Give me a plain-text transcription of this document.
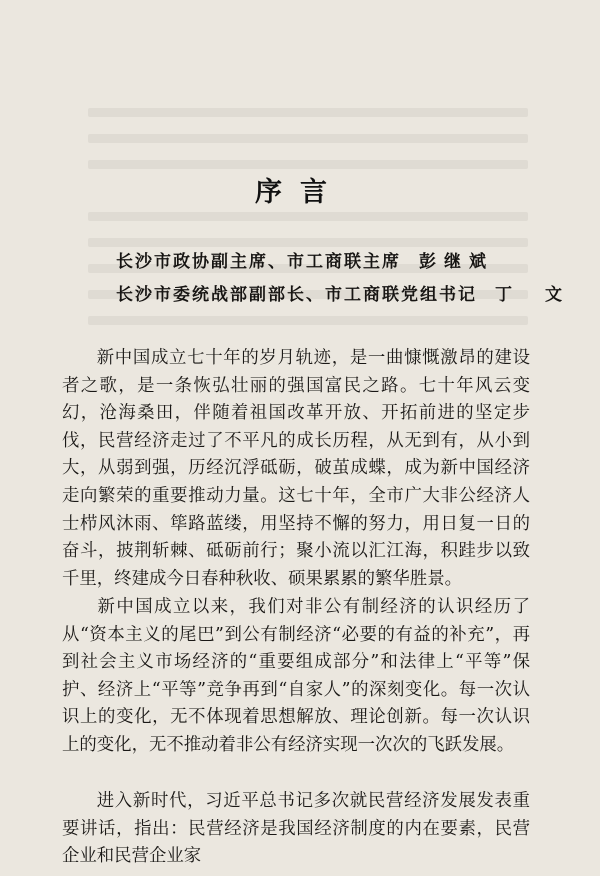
序言
长沙市政协副主席、市工商联主席 彭继斌
长沙市委统战部副部长、市工商联党组书记 丁　文

新中国成立七十年的岁月轨迹，是一曲慷慨激昂的建设者之歌，是一条恢弘壮丽的强国富民之路。七十年风云变幻，沧海桑田，伴随着祖国改革开放、开拓前进的坚定步伐，民营经济走过了不平凡的成长历程，从无到有，从小到大，从弱到强，历经沉浮砥砺，破茧成蝶，成为新中国经济走向繁荣的重要推动力量。这七十年，全市广大非公经济人士栉风沐雨、筚路蓝缕，用坚持不懈的努力，用日复一日的奋斗，披荆斩棘、砥砺前行；聚小流以汇江海，积跬步以致千里，终建成今日春种秋收、硕果累累的繁华胜景。

新中国成立以来，我们对非公有制经济的认识经历了从“资本主义的尾巴”到公有制经济“必要的有益的补充”，再到社会主义市场经济的“重要组成部分”和法律上“平等”保护、经济上“平等”竞争再到“自家人”的深刻变化。每一次认识上的变化，无不体现着思想解放、理论创新。每一次认识上的变化，无不推动着非公有经济实现一次次的飞跃发展。

进入新时代，习近平总书记多次就民营经济发展发表重要讲话，指出：民营经济是我国经济制度的内在要素，民营企业和民营企业家
